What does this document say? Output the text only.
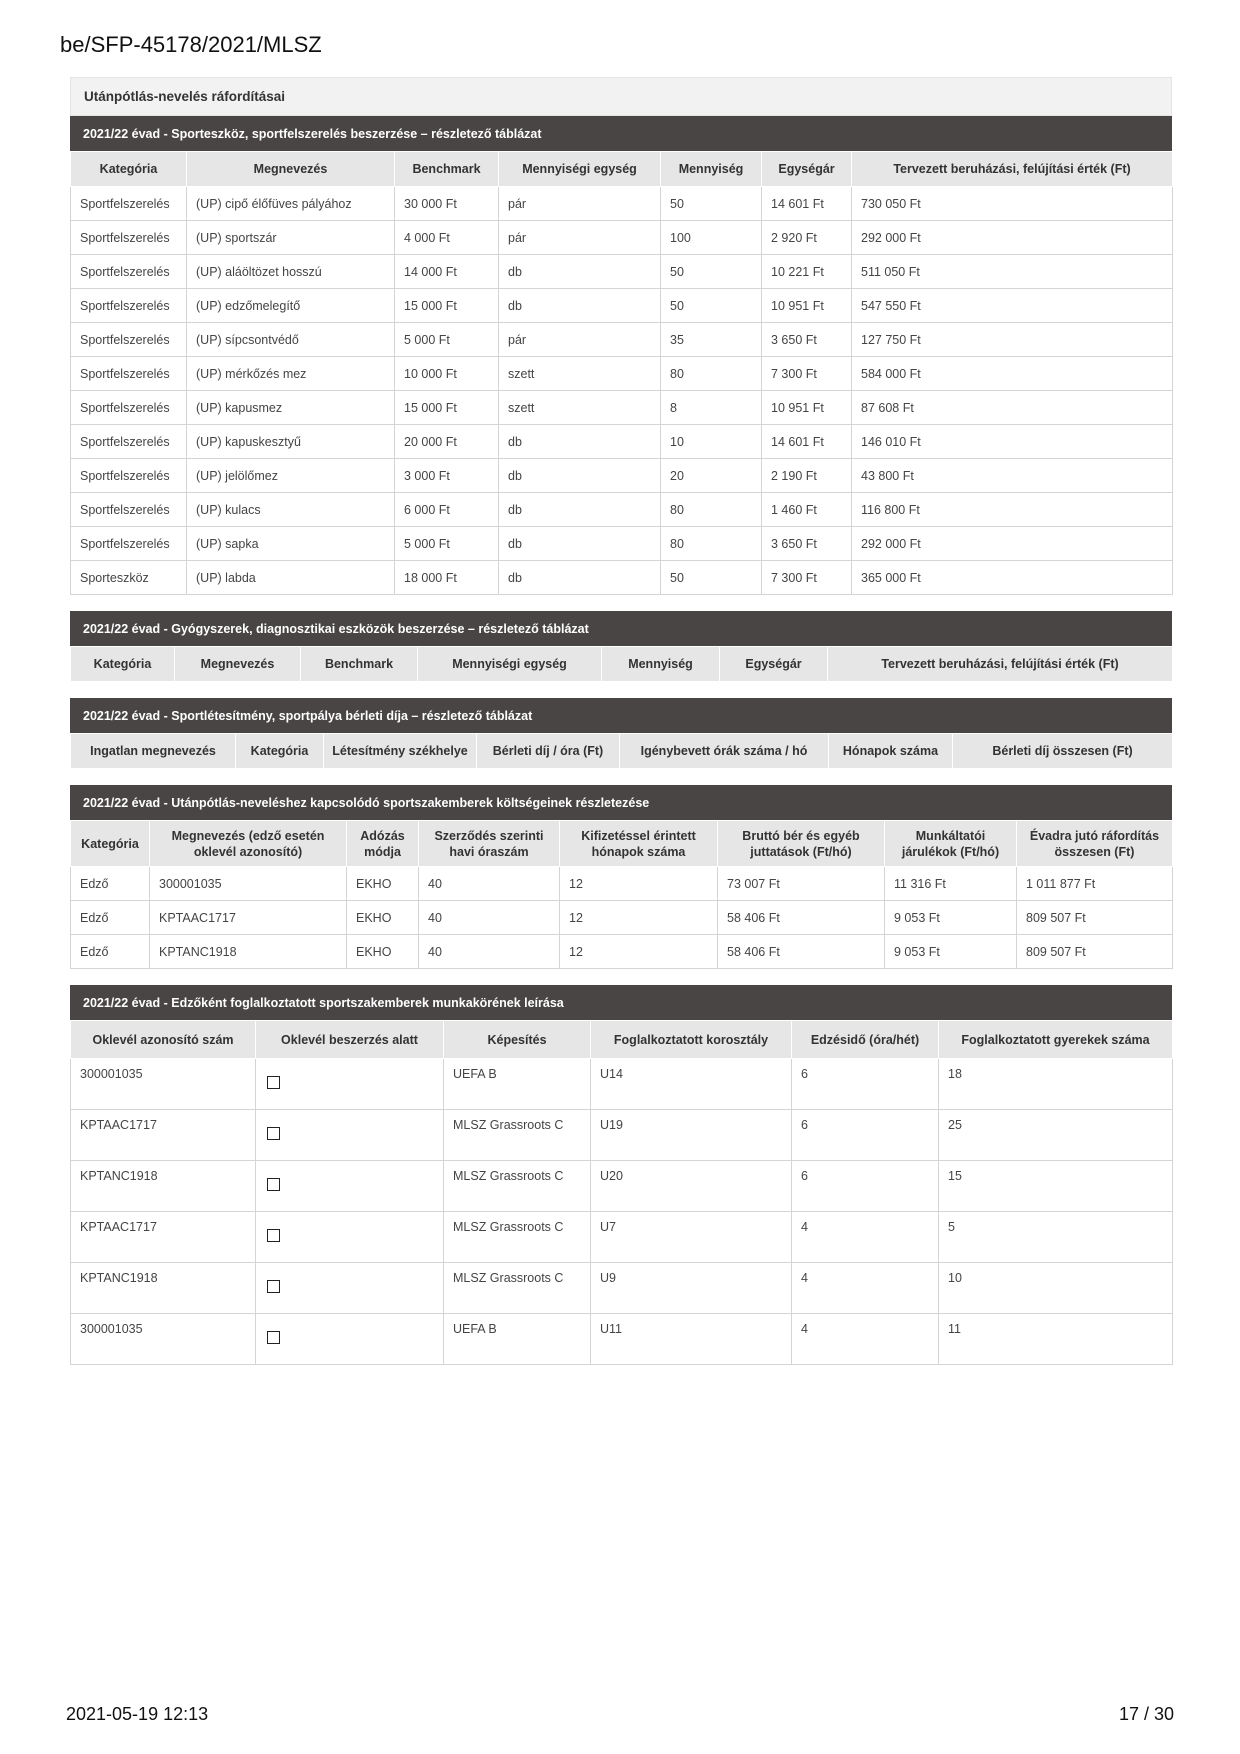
be/SFP-45178/2021/MLSZ
Utánpótlás-nevelés ráfordításai
2021/22 évad - Sporteszköz, sportfelszerelés beszerzése – részletező táblázat
Kategória	Megnevezés	Benchmark	Mennyiségi egység	Mennyiség	Egységár	Tervezett beruházási, felújítási érték (Ft)
Sportfelszerelés	(UP) cipő élőfüves pályához	30 000 Ft	pár	50	14 601 Ft	730 050 Ft
Sportfelszerelés	(UP) sportszár	4 000 Ft	pár	100	2 920 Ft	292 000 Ft
Sportfelszerelés	(UP) aláöltözet hosszú	14 000 Ft	db	50	10 221 Ft	511 050 Ft
Sportfelszerelés	(UP) edzőmelegítő	15 000 Ft	db	50	10 951 Ft	547 550 Ft
Sportfelszerelés	(UP) sípcsontvédő	5 000 Ft	pár	35	3 650 Ft	127 750 Ft
Sportfelszerelés	(UP) mérkőzés mez	10 000 Ft	szett	80	7 300 Ft	584 000 Ft
Sportfelszerelés	(UP) kapusmez	15 000 Ft	szett	8	10 951 Ft	87 608 Ft
Sportfelszerelés	(UP) kapuskesztyű	20 000 Ft	db	10	14 601 Ft	146 010 Ft
Sportfelszerelés	(UP) jelölőmez	3 000 Ft	db	20	2 190 Ft	43 800 Ft
Sportfelszerelés	(UP) kulacs	6 000 Ft	db	80	1 460 Ft	116 800 Ft
Sportfelszerelés	(UP) sapka	5 000 Ft	db	80	3 650 Ft	292 000 Ft
Sporteszköz	(UP) labda	18 000 Ft	db	50	7 300 Ft	365 000 Ft
2021/22 évad - Gyógyszerek, diagnosztikai eszközök beszerzése – részletező táblázat
Kategória	Megnevezés	Benchmark	Mennyiségi egység	Mennyiség	Egységár	Tervezett beruházási, felújítási érték (Ft)
2021/22 évad - Sportlétesítmény, sportpálya bérleti díja – részletező táblázat
Ingatlan megnevezés	Kategória	Létesítmény székhelye	Bérleti díj / óra (Ft)	Igénybevett órák száma / hó	Hónapok száma	Bérleti díj összesen (Ft)
2021/22 évad - Utánpótlás-neveléshez kapcsolódó sportszakemberek költségeinek részletezése
Kategória	Megnevezés (edző esetén oklevél azonosító)	Adózás módja	Szerződés szerinti havi óraszám	Kifizetéssel érintett hónapok száma	Bruttó bér és egyéb juttatások (Ft/hó)	Munkáltatói járulékok (Ft/hó)	Évadra jutó ráfordítás összesen (Ft)
Edző	300001035	EKHO	40	12	73 007 Ft	11 316 Ft	1 011 877 Ft
Edző	KPTAAC1717	EKHO	40	12	58 406 Ft	9 053 Ft	809 507 Ft
Edző	KPTANC1918	EKHO	40	12	58 406 Ft	9 053 Ft	809 507 Ft
2021/22 évad - Edzőként foglalkoztatott sportszakemberek munkakörének leírása
Oklevél azonosító szám	Oklevél beszerzés alatt	Képesítés	Foglalkoztatott korosztály	Edzésidő (óra/hét)	Foglalkoztatott gyerekek száma
300001035		UEFA B	U14	6	18
KPTAAC1717		MLSZ Grassroots C	U19	6	25
KPTANC1918		MLSZ Grassroots C	U20	6	15
KPTAAC1717		MLSZ Grassroots C	U7	4	5
KPTANC1918		MLSZ Grassroots C	U9	4	10
300001035		UEFA B	U11	4	11
2021-05-19 12:13	17 / 30
